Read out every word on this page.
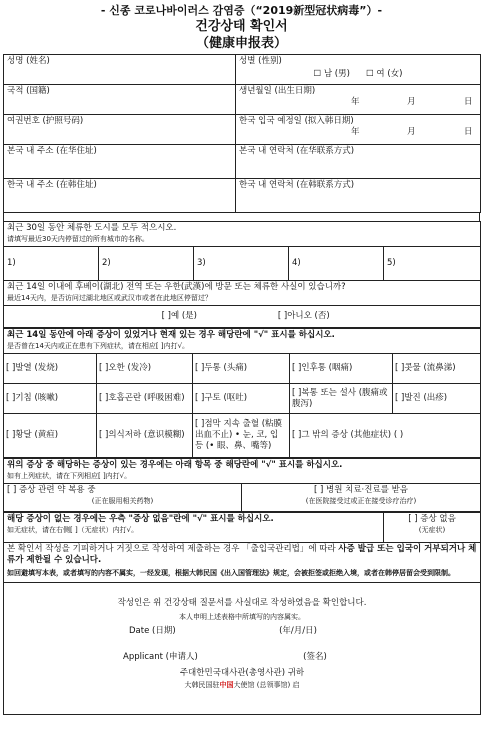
- 신종 코로나바이러스 감염증（“2019新型冠状病毒”）-
건강상태 확인서
（健康申报表）
성명 (姓名)	성별 (性别)
☐ 남 (男) ☐ 여 (女)

국적 (国籍)	생년월일 (出生日期)
年 月 日

여권번호 (护照号码)	한국 입국 예정일 (拟入韩日期)
年 月 日

본국 내 주소 (在华住址)	본국 내 연락처 (在华联系方式)
한국 내 주소 (在韩住址)	한국 내 연락처 (在韩联系方式)
최근 30일 동안 체류한 도시를 모두 적으시오.
请填写最近30天内停留过的所有城市的名称。

1)	2)	3)	4)	5)

최근 14일 이내에 후베이(湖北) 전역 또는 우한(武漢)에 방문 또는 체류한 사실이 있습니까?
最近14天内，是否访问过湖北地区或武汉市或者在此地区停留过？

[ ]예 (是)	[ ]아니오 (否)
최근 14일 동안에 아래 증상이 있었거나 현재 있는 경우 해당란에 "√" 표시를 하십시오.
是否曾在14天内或正在患有下列症状，请在相应[ ]内打√。				

[ ]발열 (发烧)	[ ]오한 (发冷)	[ ]두통 (头痛)	[ ]인후통 (咽痛)	[ ]콧물 (流鼻涕)
[ ]기침 (咳嗽)	[ ]호흡곤란 (呼吸困难)	[ ]구토 (呕吐)	[ ]복통 또는 설사 (腹痛或腹泻)	[ ]발진 (出疹)
[ ]황달 (黄疸)	[ ]의식저하 (意识模糊)	[ ]점막 지속 출혈 (粘膜出血不止) • 눈, 코, 입 등 (• 眼、鼻、嘴等)	[ ]그 밖의 증상 (其他症状) ( )	
위의 증상 중 해당하는 증상이 있는 경우에는 아래 항목 중 해당란에 "√" 표시를 하십시오.
如有上列症状，请在下列相应[ ]内打√。

[ ] 증상 관련 약 복용 중
(正在服用相关药物)

[ ] 병원 치료·진료를 받음
(在医院接受过或正在接受诊疗治疗)
해당 증상이 없는 경우에는 우측 "증상 없음"란에 "√" 표시를 하십시오.
如无症状，请在右侧[ ]（无症状）内打√。

[ ] 증상 없음
(无症状)

본 확인서 작성을 기피하거나 거짓으로 작성하여 제출하는 경우 「출입국관리법」에 따라 사증 발급 또는 입국이 거부되거나 체류가 제한될 수 있습니다.
如回避填写本表，或者填写的内容不属实，一经发现，根据大韩民国《出入国管理法》规定，会被拒签或拒绝入境，或者在韩停居留会受到限制。

작성인은 위 건강상태 질문서를 사실대로 작성하였음을 확인합니다.
本人申明上述表格中所填写的内容属实。
Date (日期)	(年/月/日)
Applicant (申请人)	(签名)
주대한민국대사관(총영사관) 귀하
大韩民国驻中国大使馆 (总领事馆) 启
